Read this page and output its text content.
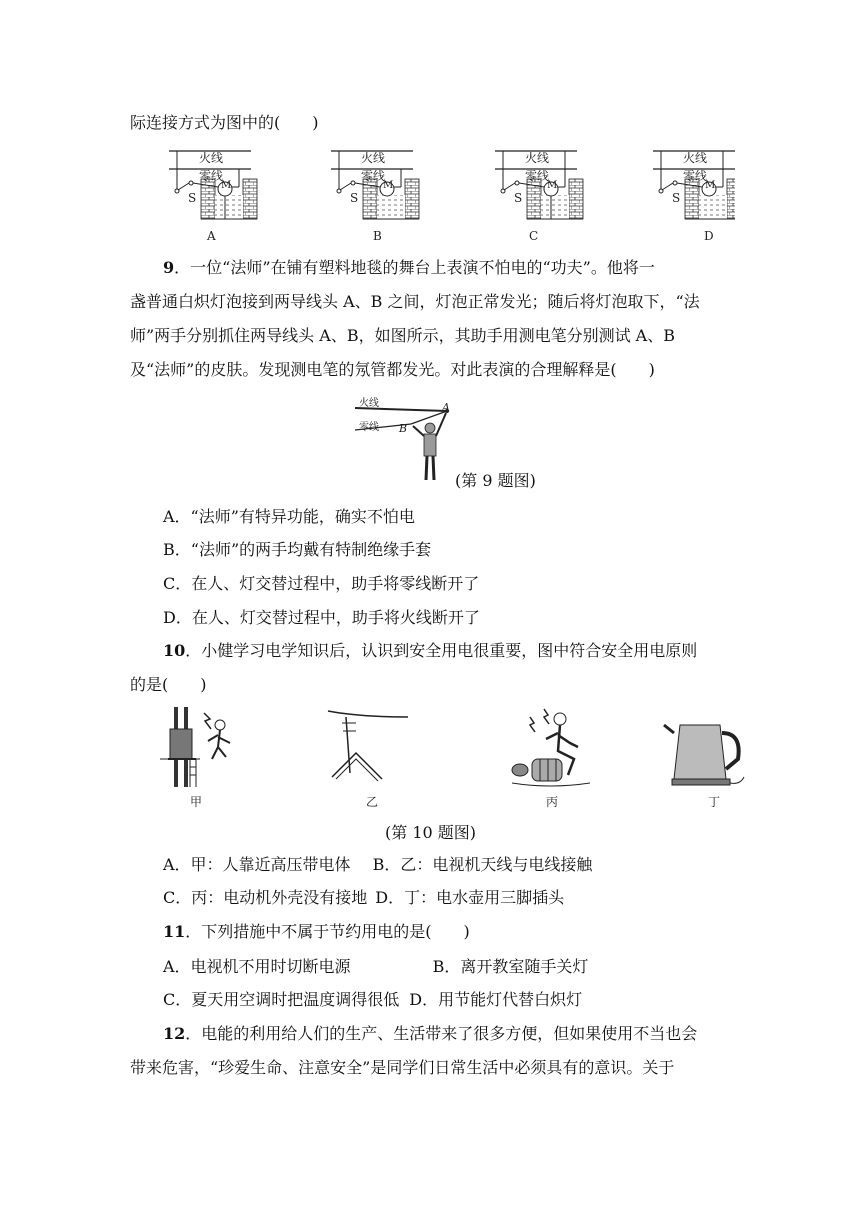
际连接方式为图中的(　　)
火线
零线
S
M
火线
零线
S
M
火线
零线
S
M
火线
零线
S
M
A	B	C	D
9．一位“法师”在铺有塑料地毯的舞台上表演不怕电的“功夫”。他将一
盏普通白炽灯泡接到两导线头 A、B 之间，灯泡正常发光；随后将灯泡取下，“法
师”两手分别抓住两导线头 A、B，如图所示，其助手用测电笔分别测试 A、B
及“法师”的皮肤。发现测电笔的氖管都发光。对此表演的合理解释是(　　)
火线
零线
A
B
(第 9 题图)
A．“法师”有特异功能，确实不怕电
B．“法师”的两手均戴有特制绝缘手套
C．在人、灯交替过程中，助手将零线断开了
D．在人、灯交替过程中，助手将火线断开了
10．小健学习电学知识后，认识到安全用电很重要，图中符合安全用电原则
的是(　　)
甲	乙	丙	丁
(第 10 题图)
A．甲：人靠近高压带电体 B．乙：电视机天线与电线接触
C．丙：电动机外壳没有接地 D．丁：电水壶用三脚插头
11．下列措施中不属于节约用电的是(　　)
A．电视机不用时切断电源	B．离开教室随手关灯
C．夏天用空调时把温度调得很低 D．用节能灯代替白炽灯
12．电能的利用给人们的生产、生活带来了很多方便，但如果使用不当也会
带来危害，“珍爱生命、注意安全”是同学们日常生活中必须具有的意识。关于
